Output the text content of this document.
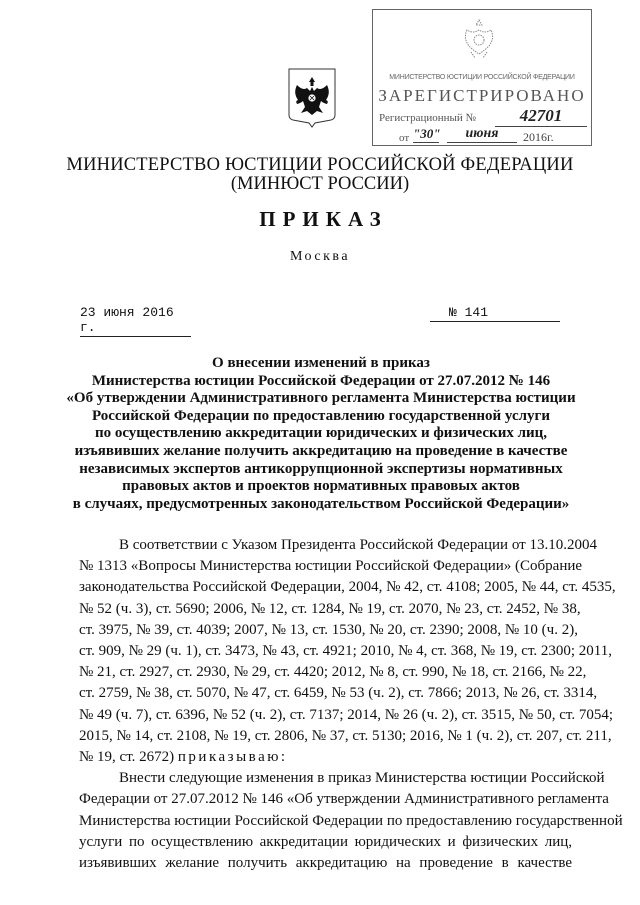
МИНИСТЕРСТВО ЮСТИЦИИ РОССИЙСКОЙ ФЕДЕРАЦИИ
ЗАРЕГИСТРИРОВАНО
Регистрационный №	42701
от "30"	июня	2016г.
МИНИСТЕРСТВО ЮСТИЦИИ РОССИЙСКОЙ ФЕДЕРАЦИИ
(МИНЮСТ РОССИИ)
ПРИКАЗ
Москва
23 июня 2016 г.
№ 141
О внесении изменений в приказ
Министерства юстиции Российской Федерации от 27.07.2012 № 146
«Об утверждении Административного регламента Министерства юстиции
Российской Федерации по предоставлению государственной услуги
по осуществлению аккредитации юридических и физических лиц,
изъявивших желание получить аккредитацию на проведение в качестве
независимых экспертов антикоррупционной экспертизы нормативных
правовых актов и проектов нормативных правовых актов
в случаях, предусмотренных законодательством Российской Федерации»
В соответствии с Указом Президента Российской Федерации от 13.10.2004
№ 1313 «Вопросы Министерства юстиции Российской Федерации» (Собрание
законодательства Российской Федерации, 2004, № 42, ст. 4108; 2005, № 44, ст. 4535,
№ 52 (ч. 3), ст. 5690; 2006, № 12, ст. 1284, № 19, ст. 2070, № 23, ст. 2452, № 38,
ст. 3975, № 39, ст. 4039; 2007, № 13, ст. 1530, № 20, ст. 2390; 2008, № 10 (ч. 2),
ст. 909, № 29 (ч. 1), ст. 3473, № 43, ст. 4921; 2010, № 4, ст. 368, № 19, ст. 2300; 2011,
№ 21, ст. 2927, ст. 2930, № 29, ст. 4420; 2012, № 8, ст. 990, № 18, ст. 2166, № 22,
ст. 2759, № 38, ст. 5070, № 47, ст. 6459, № 53 (ч. 2), ст. 7866; 2013, № 26, ст. 3314,
№ 49 (ч. 7), ст. 6396, № 52 (ч. 2), ст. 7137; 2014, № 26 (ч. 2), ст. 3515, № 50, ст. 7054;
2015, № 14, ст. 2108, № 19, ст. 2806, № 37, ст. 5130; 2016, № 1 (ч. 2), ст. 207, ст. 211,
№ 19, ст. 2672) приказываю:
Внести следующие изменения в приказ Министерства юстиции Российской
Федерации от 27.07.2012 № 146 «Об утверждении Административного регламента
Министерства юстиции Российской Федерации по предоставлению государственной
услуги по осуществлению аккредитации юридических и физических лиц,
изъявивших желание получить аккредитацию на проведение в качестве
